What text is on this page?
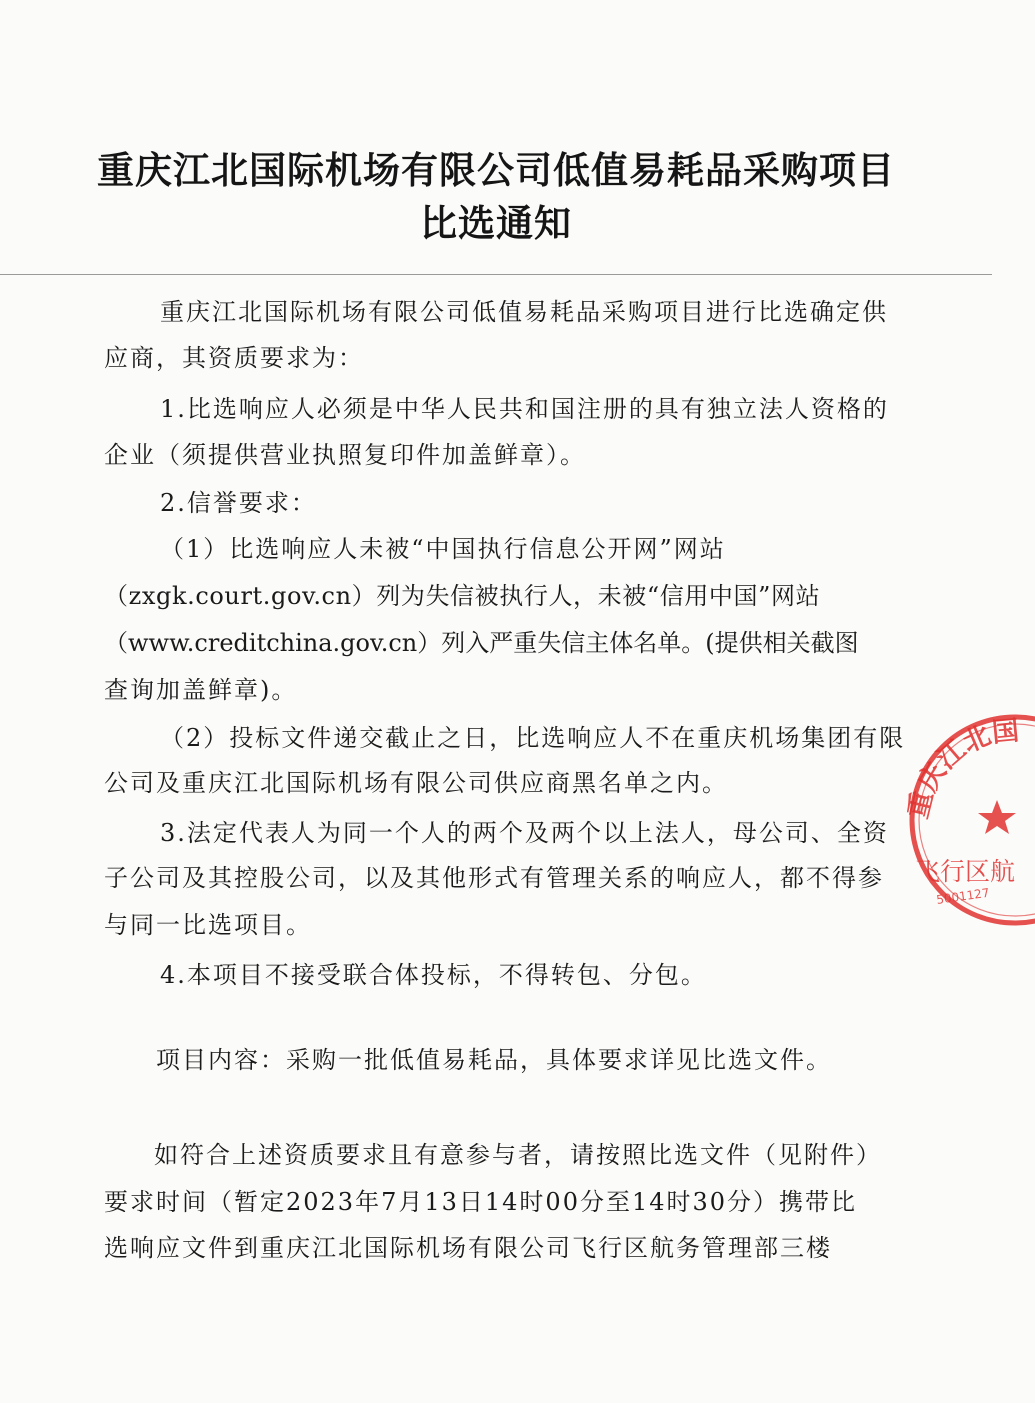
重庆江北国际机场有限公司低值易耗品采购项目
比选通知
重庆江北国际机场有限公司低值易耗品采购项目进行比选确定供
应商，其资质要求为：
1.比选响应人必须是中华人民共和国注册的具有独立法人资格的
企业（须提供营业执照复印件加盖鲜章）。
2.信誉要求：
（1）比选响应人未被“中国执行信息公开网”网站
（zxgk.court.gov.cn）列为失信被执行人，未被“信用中国”网站
（www.creditchina.gov.cn）列入严重失信主体名单。(提供相关截图
查询加盖鲜章)。
（2）投标文件递交截止之日，比选响应人不在重庆机场集团有限
公司及重庆江北国际机场有限公司供应商黑名单之内。
3.法定代表人为同一个人的两个及两个以上法人，母公司、全资
子公司及其控股公司，以及其他形式有管理关系的响应人，都不得参
与同一比选项目。
4.本项目不接受联合体投标，不得转包、分包。
项目内容：采购一批低值易耗品，具体要求详见比选文件。
如符合上述资质要求且有意参与者，请按照比选文件（见附件）
要求时间（暂定2023年7月13日14时00分至14时30分）携带比
选响应文件到重庆江北国际机场有限公司飞行区航务管理部三楼
重庆江北国际
飞行区航
5001127
